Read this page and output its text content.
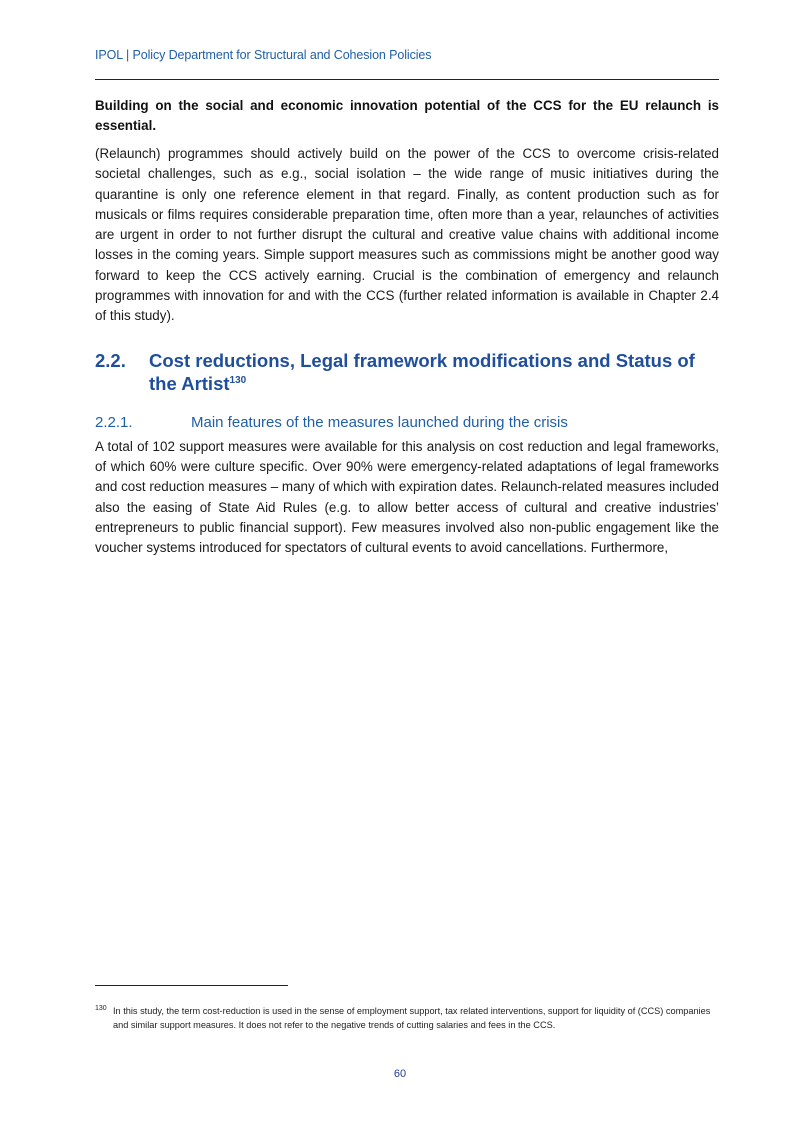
IPOL | Policy Department for Structural and Cohesion Policies

Building on the social and economic innovation potential of the CCS for the EU relaunch is essential.

(Relaunch) programmes should actively build on the power of the CCS to overcome crisis-related societal challenges, such as e.g., social isolation – the wide range of music initiatives during the quarantine is only one reference element in that regard. Finally, as content production such as for musicals or films requires considerable preparation time, often more than a year, relaunches of activities are urgent in order to not further disrupt the cultural and creative value chains with additional income losses in the coming years. Simple support measures such as commissions might be another good way forward to keep the CCS actively earning. Crucial is the combination of emergency and relaunch programmes with innovation for and with the CCS (further related information is available in Chapter 2.4 of this study).

2.2.	Cost reductions, Legal framework modifications and Status of the Artist$^{130}$
2.2.1.	Main features of the measures launched during the crisis

A total of 102 support measures were available for this analysis on cost reduction and legal frameworks, of which 60% were culture specific. Over 90% were emergency-related adaptations of legal frameworks and cost reduction measures – many of which with expiration dates. Relaunch-related measures included also the easing of State Aid Rules (e.g. to allow better access of cultural and creative industries’ entrepreneurs to public financial support). Few measures involved also non-public engagement like the voucher systems introduced for spectators of cultural events to avoid cancellations. Furthermore,

130 In this study, the term cost-reduction is used in the sense of employment support, tax related interventions, support for liquidity of (CCS) companies and similar support measures. It does not refer to the negative trends of cutting salaries and fees in the CCS.
60
